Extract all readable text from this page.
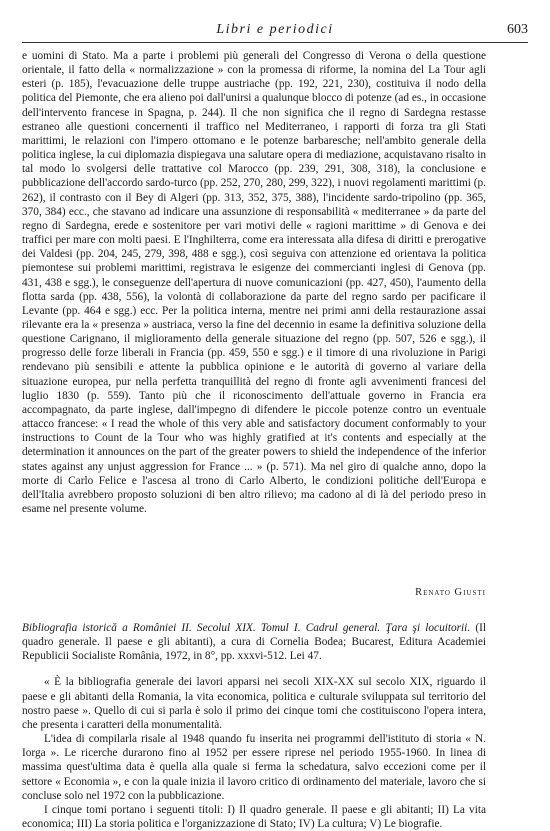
Libri e periodici	603

e uomini di Stato. Ma a parte i problemi più generali del Congresso di Verona o della questione orientale, il fatto della « normalizzazione » con la promessa di riforme, la nomina del La Tour agli esteri (p. 185), l'evacuazione delle truppe austriache (pp. 192, 221, 230), costituiva il nodo della politica del Piemonte, che era alieno poi dall'unirsi a qualunque blocco di potenze (ad es., in occasione dell'intervento francese in Spagna, p. 244). Il che non significa che il regno di Sardegna restasse estraneo alle questioni concernenti il traffico nel Mediterraneo, i rapporti di forza tra gli Stati marittimi, le relazioni con l'impero ottomano e le potenze barbaresche; nell'ambito generale della politica inglese, la cui diplomazia dispiegava una salutare opera di mediazione, acquistavano risalto in tal modo lo svolgersi delle trattative col Marocco (pp. 239, 291, 308, 318), la conclusione e pubblicazione dell'accordo sardo-turco (pp. 252, 270, 280, 299, 322), i nuovi regolamenti marittimi (p. 262), il contrasto con il Bey di Algeri (pp. 313, 352, 375, 388), l'incidente sardo-tripolino (pp. 365, 370, 384) ecc., che stavano ad indicare una assunzione di responsabilità « mediterranee » da parte del regno di Sardegna, erede e sostenitore per vari motivi delle « ragioni marittime » di Genova e dei traffici per mare con molti paesi. E l'Inghilterra, come era interessata alla difesa di diritti e prerogative dei Valdesi (pp. 204, 245, 279, 398, 488 e sgg.), così seguiva con attenzione ed orientava la politica piemontese sui problemi marittimi, registrava le esigenze dei commercianti inglesi di Genova (pp. 431, 438 e sgg.), le conseguenze dell'apertura di nuove comunicazioni (pp. 427, 450), l'aumento della flotta sarda (pp. 438, 556), la volontà di collaborazione da parte del regno sardo per pacificare il Levante (pp. 464 e sgg.) ecc. Per la politica interna, mentre nei primi anni della restaurazione assai rilevante era la « presenza » austriaca, verso la fine del decennio in esame la definitiva soluzione della questione Carignano, il miglioramento della generale situazione del regno (pp. 507, 526 e sgg.), il progresso delle forze liberali in Francia (pp. 459, 550 e sgg.) e il timore di una rivoluzione in Parigi rendevano più sensibili e attente la pubblica opinione e le autorità di governo al variare della situazione europea, pur nella perfetta tranquillità del regno di fronte agli avvenimenti francesi del luglio 1830 (p. 559). Tanto più che il riconoscimento dell'attuale governo in Francia era accompagnato, da parte inglese, dall'impegno di difendere le piccole potenze contro un eventuale attacco francese: « I read the whole of this very able and satisfactory document conformably to your instructions to Count de la Tour who was highly gratified at it's contents and especially at the determination it announces on the part of the greater powers to shield the independence of the inferior states against any unjust aggression for France ... » (p. 571). Ma nel giro di qualche anno, dopo la morte di Carlo Felice e l'ascesa al trono di Carlo Alberto, le condizioni politiche dell'Europa e dell'Italia avrebbero proposto soluzioni di ben altro rilievo; ma cadono al di là del periodo preso in esame nel presente volume.

Renato Giusti
Bibliografia istorică a României II. Secolul XIX. Tomul I. Cadrul general. Ţara şi locuitorii. (Il quadro generale. Il paese e gli abitanti), a cura di Cornelia Bodea; Bucarest, Editura Academiei Republicii Socialiste România, 1972, in 8°, pp. xxxvi-512. Lei 47.

« È la bibliografia generale dei lavori apparsi nei secoli XIX-XX sul secolo XIX, riguardo il paese e gli abitanti della Romania, la vita economica, politica e culturale sviluppata sul territorio del nostro paese ». Quello di cui si parla è solo il primo dei cinque tomi che costituiscono l'opera intera, che presenta i caratteri della monumentalità.

L'idea di compilarla risale al 1948 quando fu inserita nei programmi dell'istituto di storia « N. Iorga ». Le ricerche durarono fino al 1952 per essere riprese nel periodo 1955-1960. In linea di massima quest'ultima data è quella alla quale si ferma la schedatura, salvo eccezioni come per il settore « Economia », e con la quale inizia il lavoro critico di ordinamento del materiale, lavoro che si concluse solo nel 1972 con la pubblicazione.

I cinque tomi portano i seguenti titoli: I) Il quadro generale. Il paese e gli abitanti; II) La vita economica; III) La storia politica e l'organizzazione di Stato; IV) La cultura; V) Le biografie.
